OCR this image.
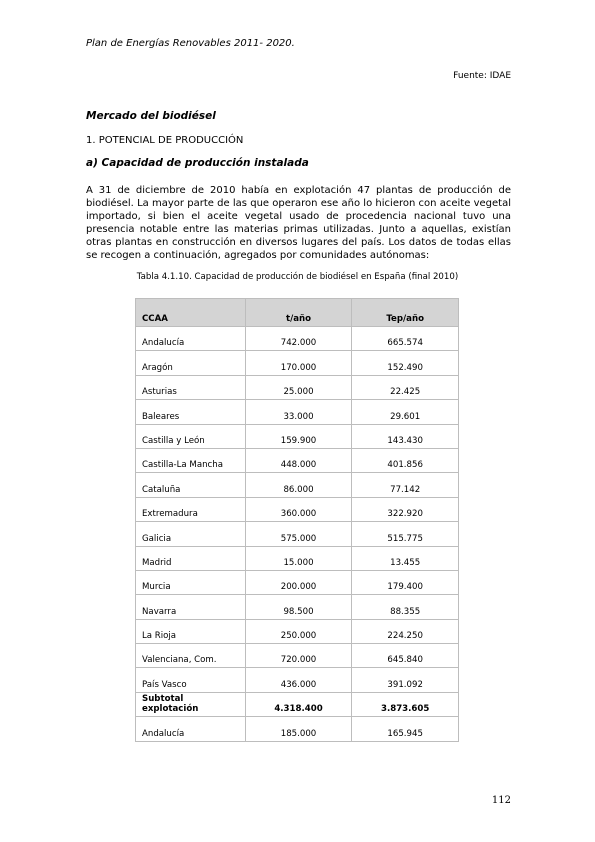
Plan de Energías Renovables 2011- 2020.
Fuente: IDAE
Mercado del biodiésel
1. POTENCIAL DE PRODUCCIÓN
a) Capacidad de producción instalada

A 31 de diciembre de 2010 había en explotación 47 plantas de producción de biodiésel. La mayor parte de las que operaron ese año lo hicieron con aceite vegetal importado, si bien el aceite vegetal usado de procedencia nacional tuvo una presencia notable entre las materias primas utilizadas. Junto a aquellas, existían otras plantas en construcción en diversos lugares del país. Los datos de todas ellas se recogen a continuación, agregados por comunidades autónomas:

Tabla 4.1.10. Capacidad de producción de biodiésel en España (final 2010)
CCAA	t/año	Tep/año
Andalucía	742.000	665.574
Aragón	170.000	152.490
Asturias	25.000	22.425
Baleares	33.000	29.601
Castilla y León	159.900	143.430
Castilla-La Mancha	448.000	401.856
Cataluña	86.000	77.142
Extremadura	360.000	322.920
Galicia	575.000	515.775
Madrid	15.000	13.455
Murcia	200.000	179.400
Navarra	98.500	88.355
La Rioja	250.000	224.250
Valenciana, Com.	720.000	645.840
País Vasco	436.000	391.092
Subtotal explotación	4.318.400	3.873.605
Andalucía	185.000	165.945
112
